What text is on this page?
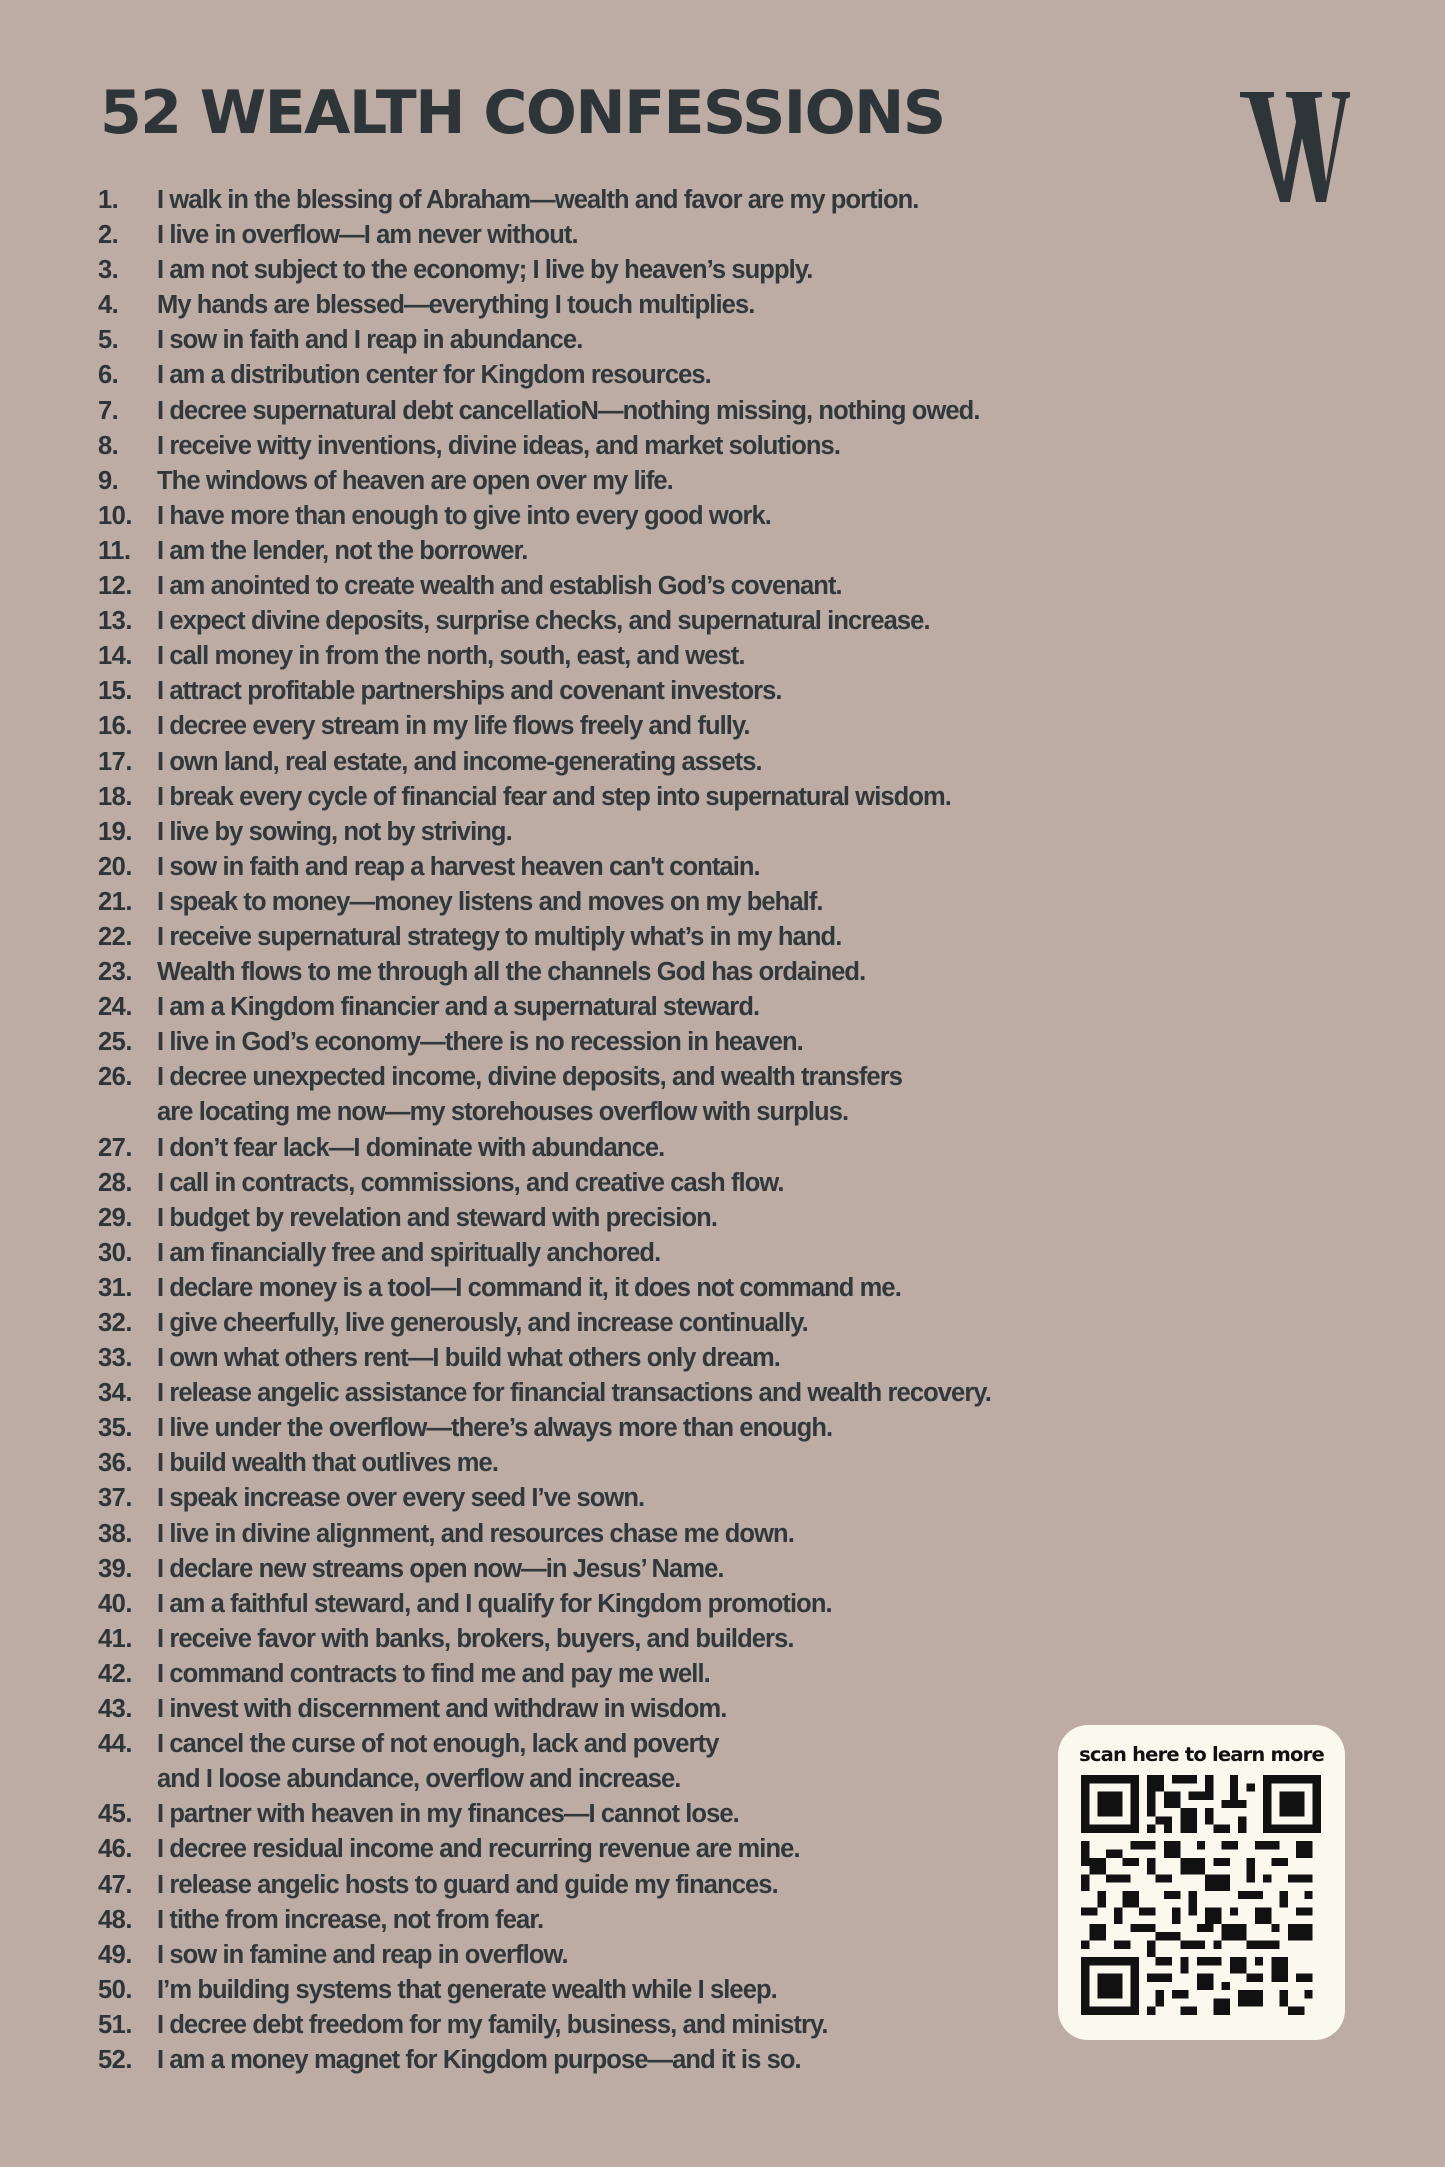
52 WEALTH CONFESSIONS
1.	I walk in the blessing of Abraham—wealth and favor are my portion.
2.	I live in overflow—I am never without.
3.	I am not subject to the economy; I live by heaven’s supply.
4.	My hands are blessed—everything I touch multiplies.
5.	I sow in faith and I reap in abundance.
6.	I am a distribution center for Kingdom resources.
7.	I decree supernatural debt cancellatioN—nothing missing, nothing owed.
8.	I receive witty inventions, divine ideas, and market solutions.
9.	The windows of heaven are open over my life.
10. I have more than enough to give into every good work.
11.	I am the lender, not the borrower.
12. I am anointed to create wealth and establish God’s covenant.
13. I expect divine deposits, surprise checks, and supernatural increase.
14. I call money in from the north, south, east, and west.
15. I attract profitable partnerships and covenant investors.
16. I decree every stream in my life flows freely and fully.
17. I own land, real estate, and income-generating assets.
18. I break every cycle of financial fear and step into supernatural wisdom.
19. I live by sowing, not by striving.
20. I sow in faith and reap a harvest heaven can't contain.
21. I speak to money—money listens and moves on my behalf.
22. I receive supernatural strategy to multiply what’s in my hand.
23. Wealth flows to me through all the channels God has ordained.
24. I am a Kingdom financier and a supernatural steward.
25. I live in God’s economy—there is no recession in heaven.
26. I decree unexpected income, divine deposits, and wealth transfers
are locating me now—my storehouses overflow with surplus.
27. I don’t fear lack—I dominate with abundance.
28. I call in contracts, commissions, and creative cash flow.
29. I budget by revelation and steward with precision.
30. I am financially free and spiritually anchored.
31. I declare money is a tool—I command it, it does not command me.
32. I give cheerfully, live generously, and increase continually.
33. I own what others rent—I build what others only dream.
34. I release angelic assistance for financial transactions and wealth recovery.
35. I live under the overflow—there’s always more than enough.
36. I build wealth that outlives me.
37. I speak increase over every seed I’ve sown.
38. I live in divine alignment, and resources chase me down.
39. I declare new streams open now—in Jesus’ Name.
40. I am a faithful steward, and I qualify for Kingdom promotion.
41. I receive favor with banks, brokers, buyers, and builders.
42. I command contracts to find me and pay me well.
43. I invest with discernment and withdraw in wisdom.
44. I cancel the curse of not enough, lack and poverty
and I loose abundance, overflow and increase.
45. I partner with heaven in my finances—I cannot lose.
46. I decree residual income and recurring revenue are mine.
47. I release angelic hosts to guard and guide my finances.
48. I tithe from increase, not from fear.
49. I sow in famine and reap in overflow.
50. I’m building systems that generate wealth while I sleep.
51. I decree debt freedom for my family, business, and ministry.
52. I am a money magnet for Kingdom purpose—and it is so.
scan here to learn more
